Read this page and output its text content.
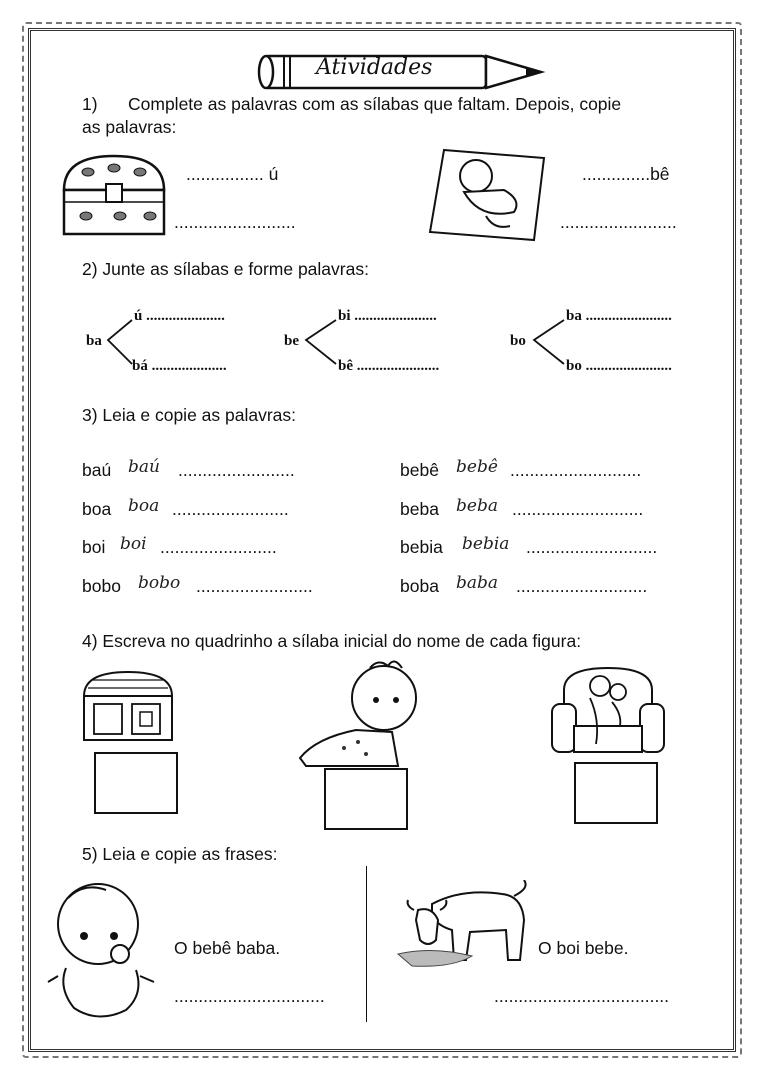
Atividades
1) Complete as palavras com as sílabas que faltam. Depois, copie
as palavras:
................ ú
.........................
..............bê
........................
2) Junte as sílabas e forme palavras:
ba
ú .....................
bá ....................
be
bi ......................
bê ......................
bo
ba .......................
bo .......................
3) Leia e copie as palavras:
baú baú ........................
boa boa ........................
boi boi ........................
bobo bobo ........................
bebê bebê ...........................
beba beba ...........................
bebia bebia ...........................
boba baba ...........................
4) Escreva no quadrinho a sílaba inicial do nome de cada figura:
5) Leia e copie as frases:
O bebê baba.
...............................
O boi bebe.
....................................
